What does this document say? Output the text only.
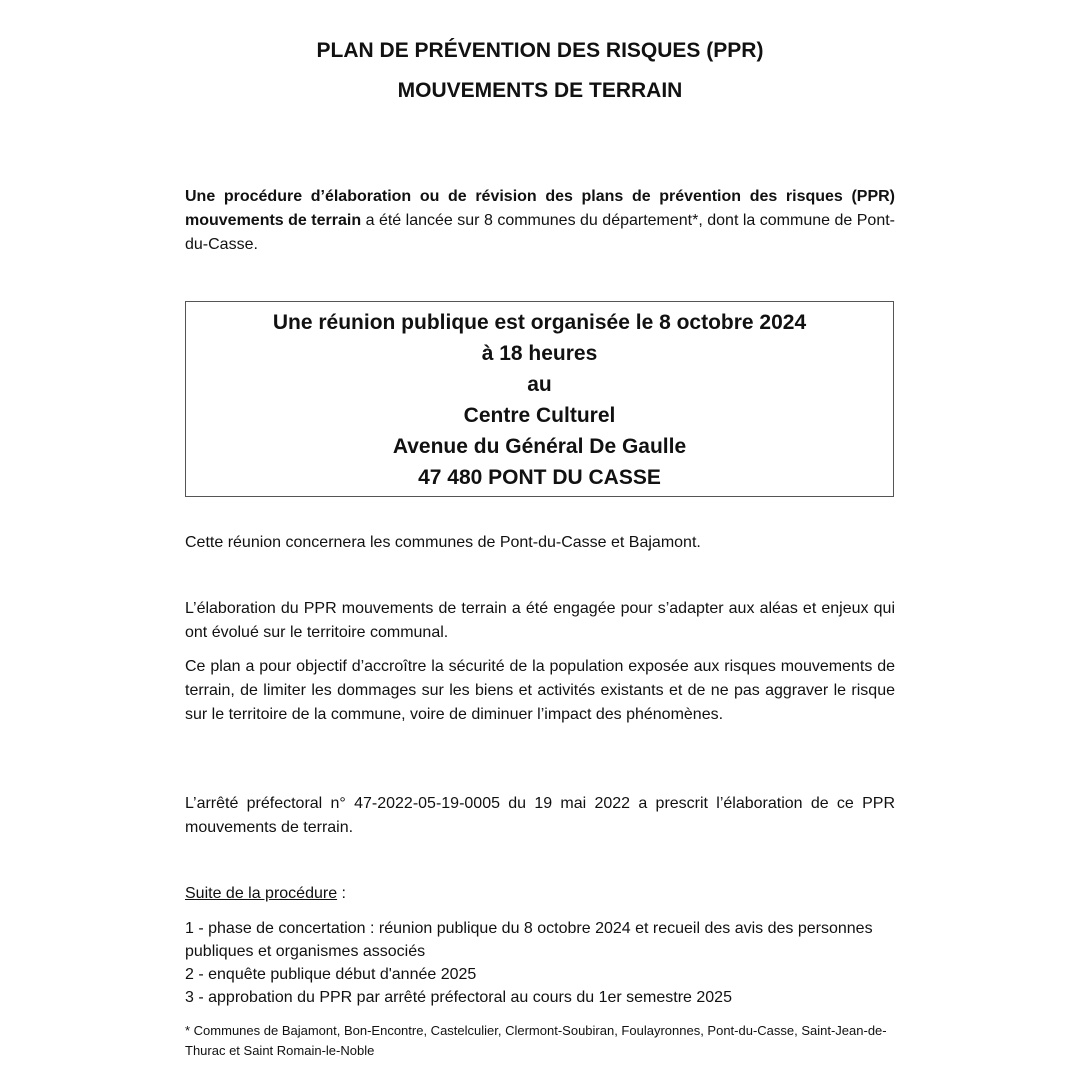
PLAN DE PRÉVENTION DES RISQUES (PPR)
MOUVEMENTS DE TERRAIN
Une procédure d’élaboration ou de révision des plans de prévention des risques (PPR) mouvements de terrain a été lancée sur 8 communes du département*, dont la commune de Pont-du-Casse.
Une réunion publique est organisée le 8 octobre 2024
à 18 heures
au
Centre Culturel
Avenue du Général De Gaulle
47 480 PONT DU CASSE
Cette réunion concernera les communes de Pont-du-Casse et Bajamont.
L’élaboration du PPR mouvements de terrain a été engagée pour s’adapter aux aléas et enjeux qui ont évolué sur le territoire communal.
Ce plan a pour objectif d’accroître la sécurité de la population exposée aux risques mouvements de terrain, de limiter les dommages sur les biens et activités existants et de ne pas aggraver le risque sur le territoire de la commune, voire de diminuer l’impact des phénomènes.
L’arrêté préfectoral n° 47-2022-05-19-0005 du 19 mai 2022 a prescrit l’élaboration de ce PPR mouvements de terrain.
Suite de la procédure :
1 - phase de concertation : réunion publique du 8 octobre 2024 et recueil des avis des personnes publiques et organismes associés
2 - enquête publique début d'année 2025
3 - approbation du PPR par arrêté préfectoral au cours du 1er semestre 2025
* Communes de Bajamont, Bon-Encontre, Castelculier, Clermont-Soubiran, Foulayronnes, Pont-du-Casse, Saint-Jean-de-Thurac et Saint Romain-le-Noble
